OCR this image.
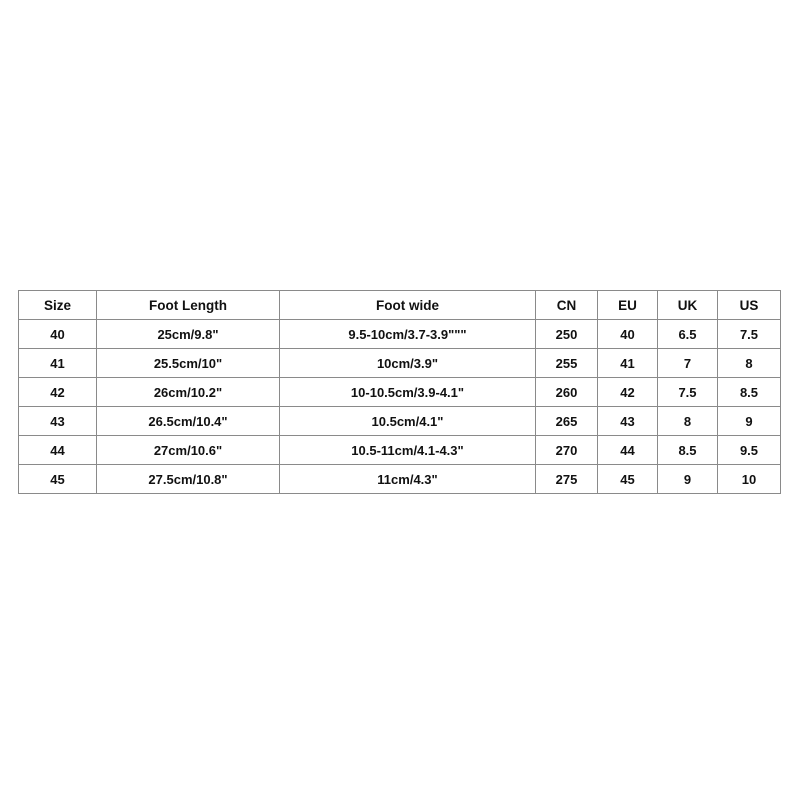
Size	Foot Length	Foot wide	CN	EU	UK	US
40	25cm/9.8"	9.5-10cm/3.7-3.9"""	250	40	6.5	7.5
41	25.5cm/10"	10cm/3.9"	255	41	7	8
42	26cm/10.2"	10-10.5cm/3.9-4.1"	260	42	7.5	8.5
43	26.5cm/10.4"	10.5cm/4.1"	265	43	8	9
44	27cm/10.6"	10.5-11cm/4.1-4.3"	270	44	8.5	9.5
45	27.5cm/10.8"	11cm/4.3"	275	45	9	10
